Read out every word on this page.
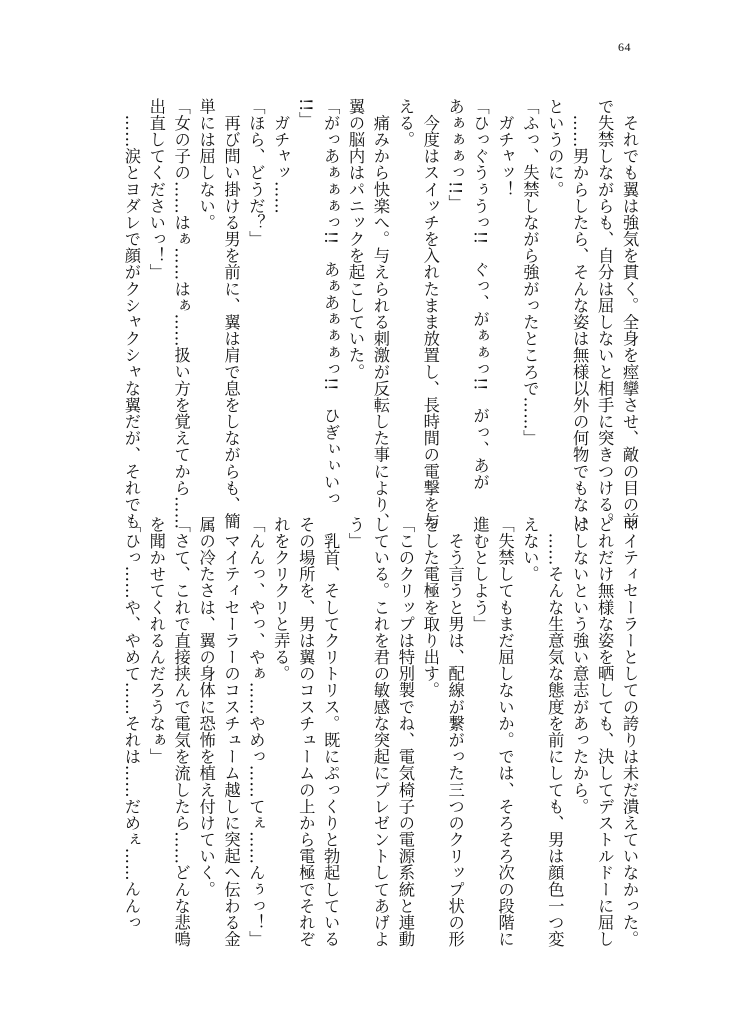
64
　それでも翼は強気を貫く。全身を痙攣させ、敵の目の前
で失禁しながらも、自分は屈しないと相手に突きつける。
　……男からしたら、そんな姿は無様以外の何物でもない
というのに。
「ふっ、失禁しながら強がったところで……」
　ガチャッ！
「ひっぐうぅうっ!!　ぐっ、がぁぁっ!!　がっ、あが
あぁぁぁっ!!」
　今度はスイッチを入れたまま放置し、長時間の電撃を与
える。
　痛みから快楽へ。与えられる刺激が反転した事により、
翼の脳内はパニックを起こしていた。
「がっあぁぁぁっ!!　あぁあぁぁぁっ!!　ひぎぃぃいっ
!!」
　ガチャッ……
「ほら、どうだ？」
　再び問い掛ける男を前に、翼は肩で息をしながらも、簡
単には屈しない。
「女の子の……はぁ……はぁ……扱い方を覚えてから……
出直してくださいっ！」
　……涙とヨダレで顔がクシャクシャな翼だが、それでも
マイティセーラーとしての誇りは未だ潰えていなかった。
どれだけ無様な姿を晒しても、決してデストルドーに屈し
はしないという強い意志があったから。
　……そんな生意気な態度を前にしても、男は顔色一つ変
えない。
「失禁してもまだ屈しないか。では、そろそろ次の段階に
進むとしよう」
　そう言うと男は、配線が繋がった三つのクリップ状の形
をした電極を取り出す。
「このクリップは特別製でね、電気椅子の電源系統と連動
している。これを君の敏感な突起にプレゼントしてあげよ
う」
　乳首、そしてクリトリス。既にぷっくりと勃起している
その場所を、男は翼のコスチュームの上から電極でそれぞ
れをクリクリと弄る。
「んんっ、やっ、やぁ……やめっ……てぇ……んぅっ！」
　マイティセーラーのコスチューム越しに突起へ伝わる金
属の冷たさは、翼の身体に恐怖を植え付けていく。
「さて、これで直接挟んで電気を流したら……どんな悲鳴
を聞かせてくれるんだろうなぁ」
「ひっ……や、やめて……それは……だめぇ……んんっ
